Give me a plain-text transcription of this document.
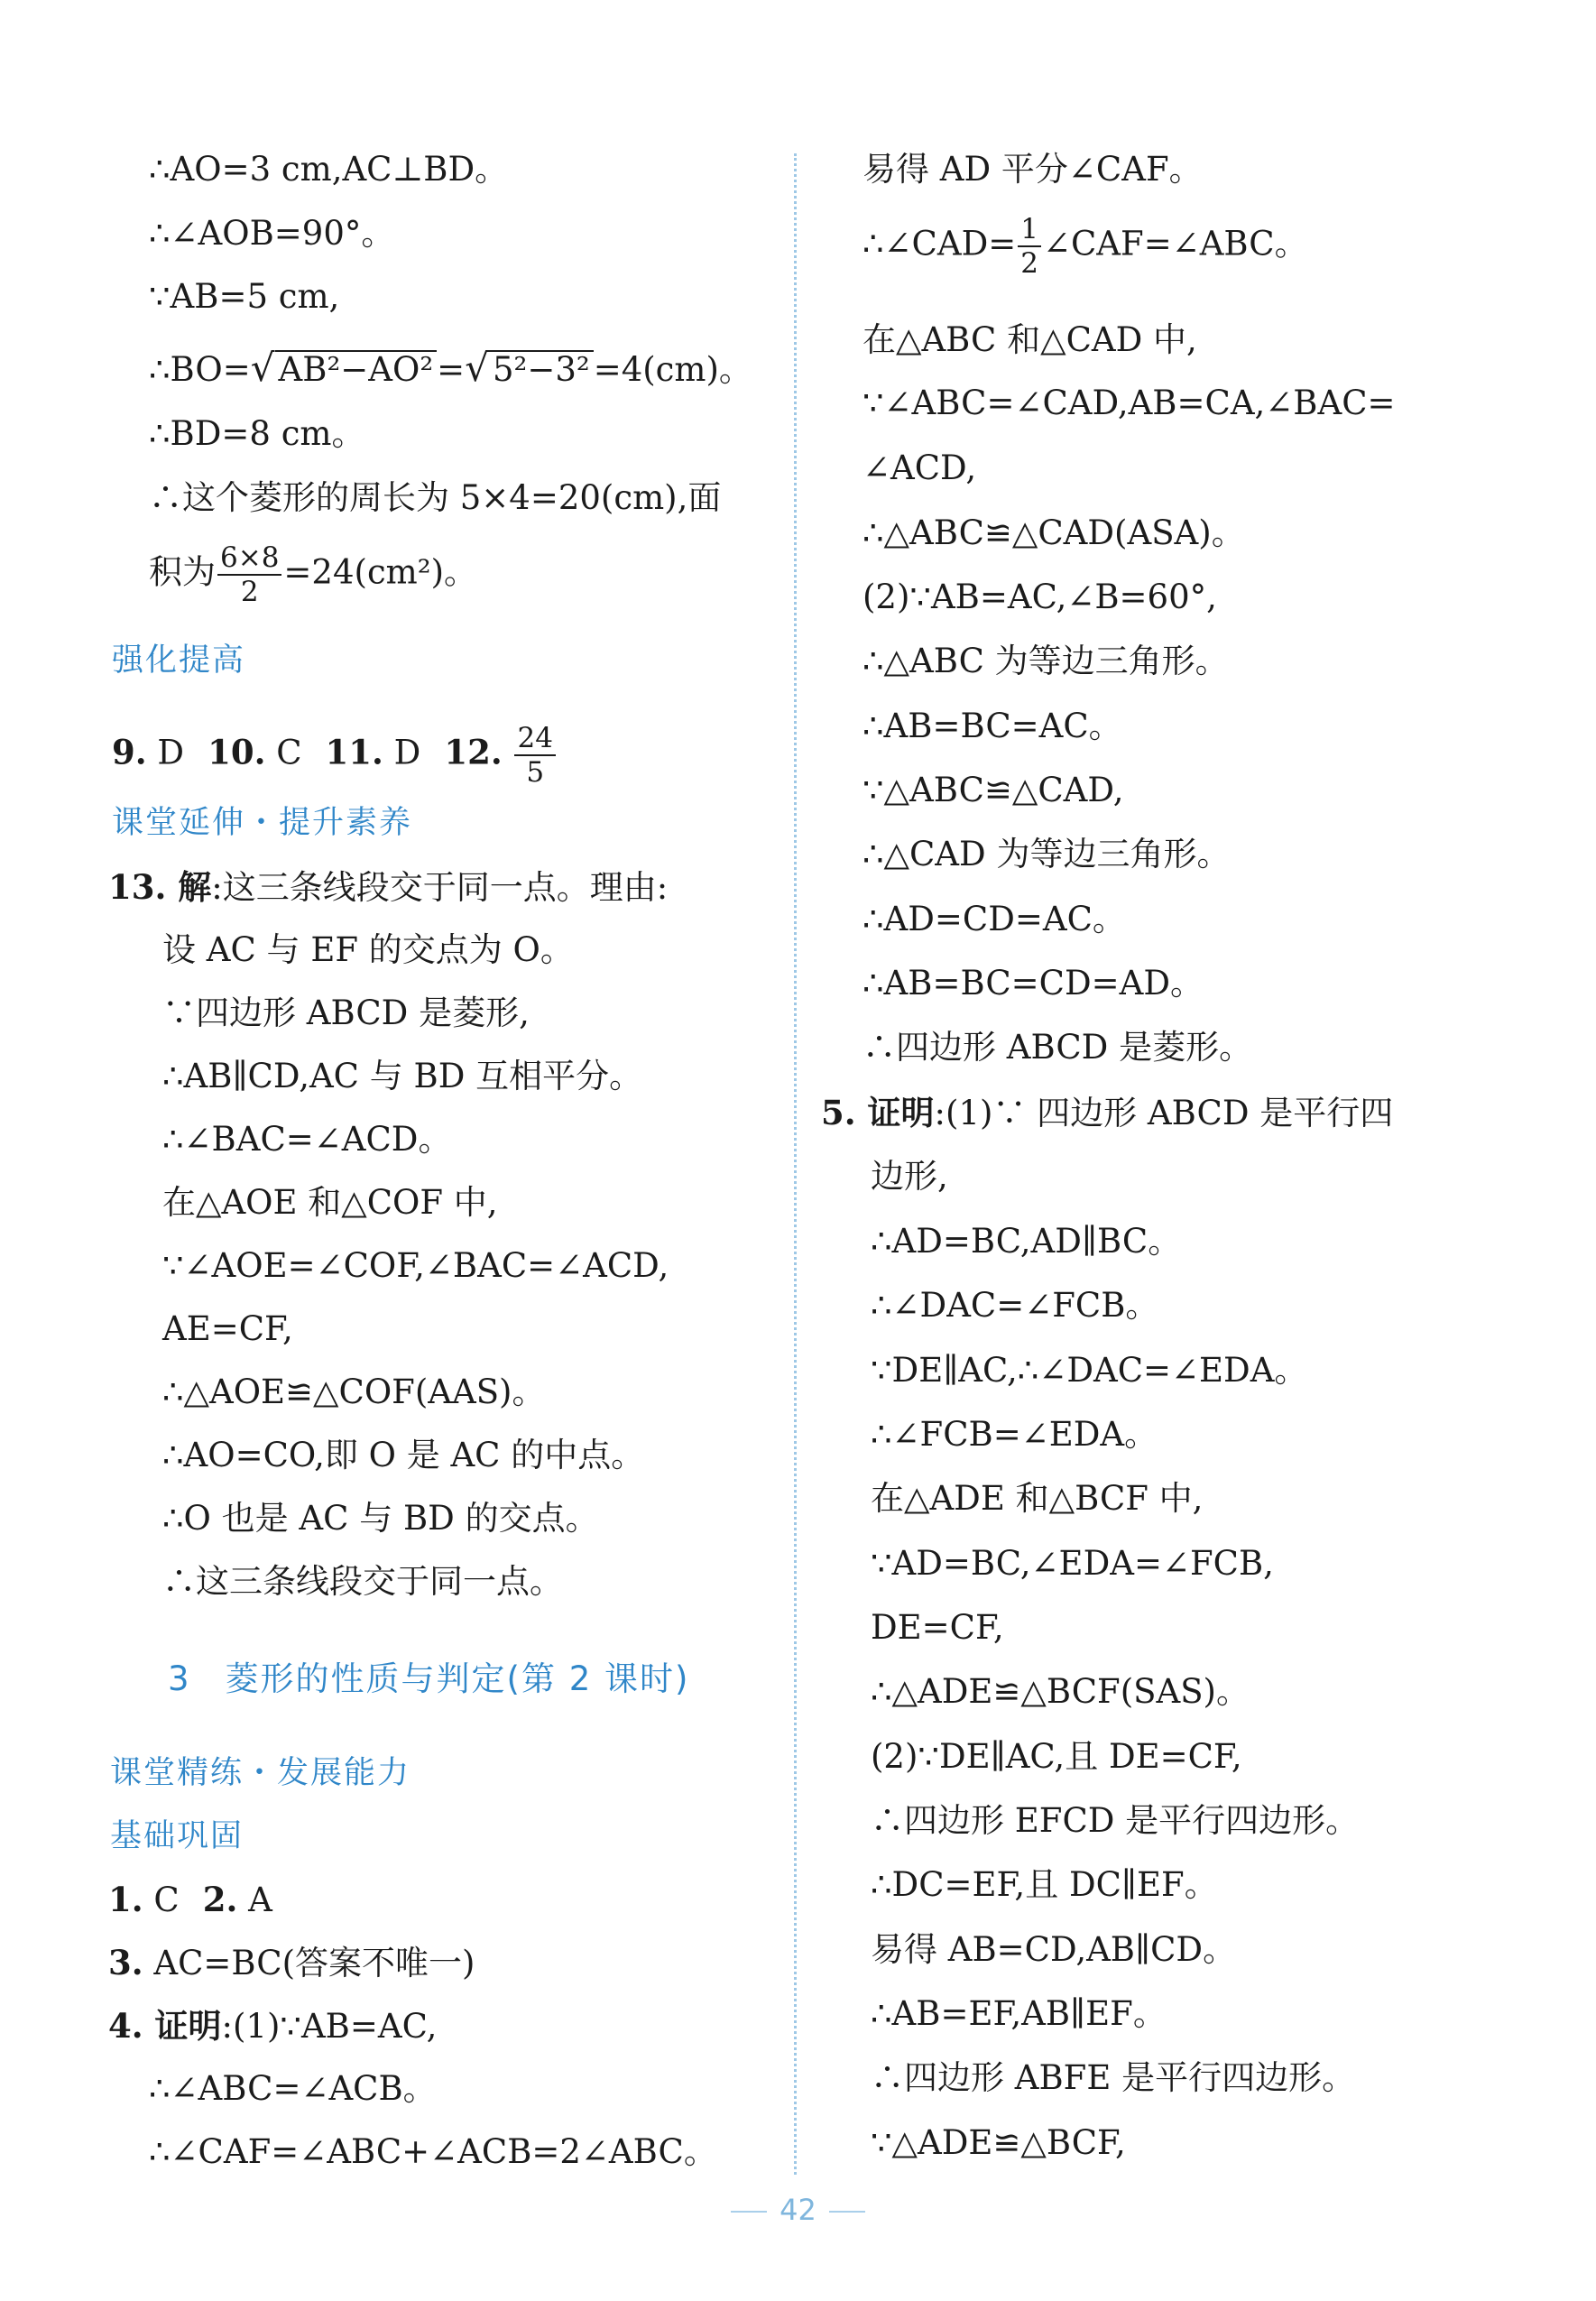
∴AO=3 cm,AC⊥BD。
∴∠AOB=90°。
∵AB=5 cm,
∴BO=√ AB²−AO² =√ 5²−3² =4(cm)。
∴BD=8 cm。
∴这个菱形的周长为 5×4=20(cm),面
积为 $\frac{6\times 8}{2} =24(cm^2)$。
强化提高
9. D 10. C 11. D 12. $\frac{24}{5}$
课堂延伸・提升素养
13. 解:这三条线段交于同一点。理由:
设 AC 与 EF 的交点为 O。
∵四边形 ABCD 是菱形,
∴AB∥CD,AC 与 BD 互相平分。
∴∠BAC=∠ACD。
在△AOE 和△COF 中,
∵∠AOE=∠COF,∠BAC=∠ACD,
AE=CF,
∴△AOE≌△COF(AAS)。
∴AO=CO,即 O 是 AC 的中点。
∴O 也是 AC 与 BD 的交点。
∴这三条线段交于同一点。
3 菱形的性质与判定(第 2 课时)
课堂精练・发展能力
基础巩固
1. C 2. A
3. AC=BC(答案不唯一)
4. 证明:(1)∵AB=AC,
∴∠ABC=∠ACB。
∴∠CAF=∠ABC+∠ACB=2∠ABC。
易得 AD 平分∠CAF。
∴∠CAD= $\frac{1}{2}$ ∠CAF=∠ABC。
在△ABC 和△CAD 中,
∵∠ABC=∠CAD,AB=CA,∠BAC=
∠ACD,
∴△ABC≌△CAD(ASA)。
(2)∵AB=AC,∠B=60°,
∴△ABC 为等边三角形。
∴AB=BC=AC。
∵△ABC≌△CAD,
∴△CAD 为等边三角形。
∴AD=CD=AC。
∴AB=BC=CD=AD。
∴四边形 ABCD 是菱形。
5. 证明:(1)∵ 四边形 ABCD 是平行四
边形,
∴AD=BC,AD∥BC。
∴∠DAC=∠FCB。
∵DE∥AC,∴∠DAC=∠EDA。
∴∠FCB=∠EDA。
在△ADE 和△BCF 中,
∵AD=BC,∠EDA=∠FCB,
DE=CF,
∴△ADE≌△BCF(SAS)。
(2)∵DE∥AC,且 DE=CF,
∴四边形 EFCD 是平行四边形。
∴DC=EF,且 DC∥EF。
易得 AB=CD,AB∥CD。
∴AB=EF,AB∥EF。
∴四边形 ABFE 是平行四边形。
∵△ADE≌△BCF,
42
